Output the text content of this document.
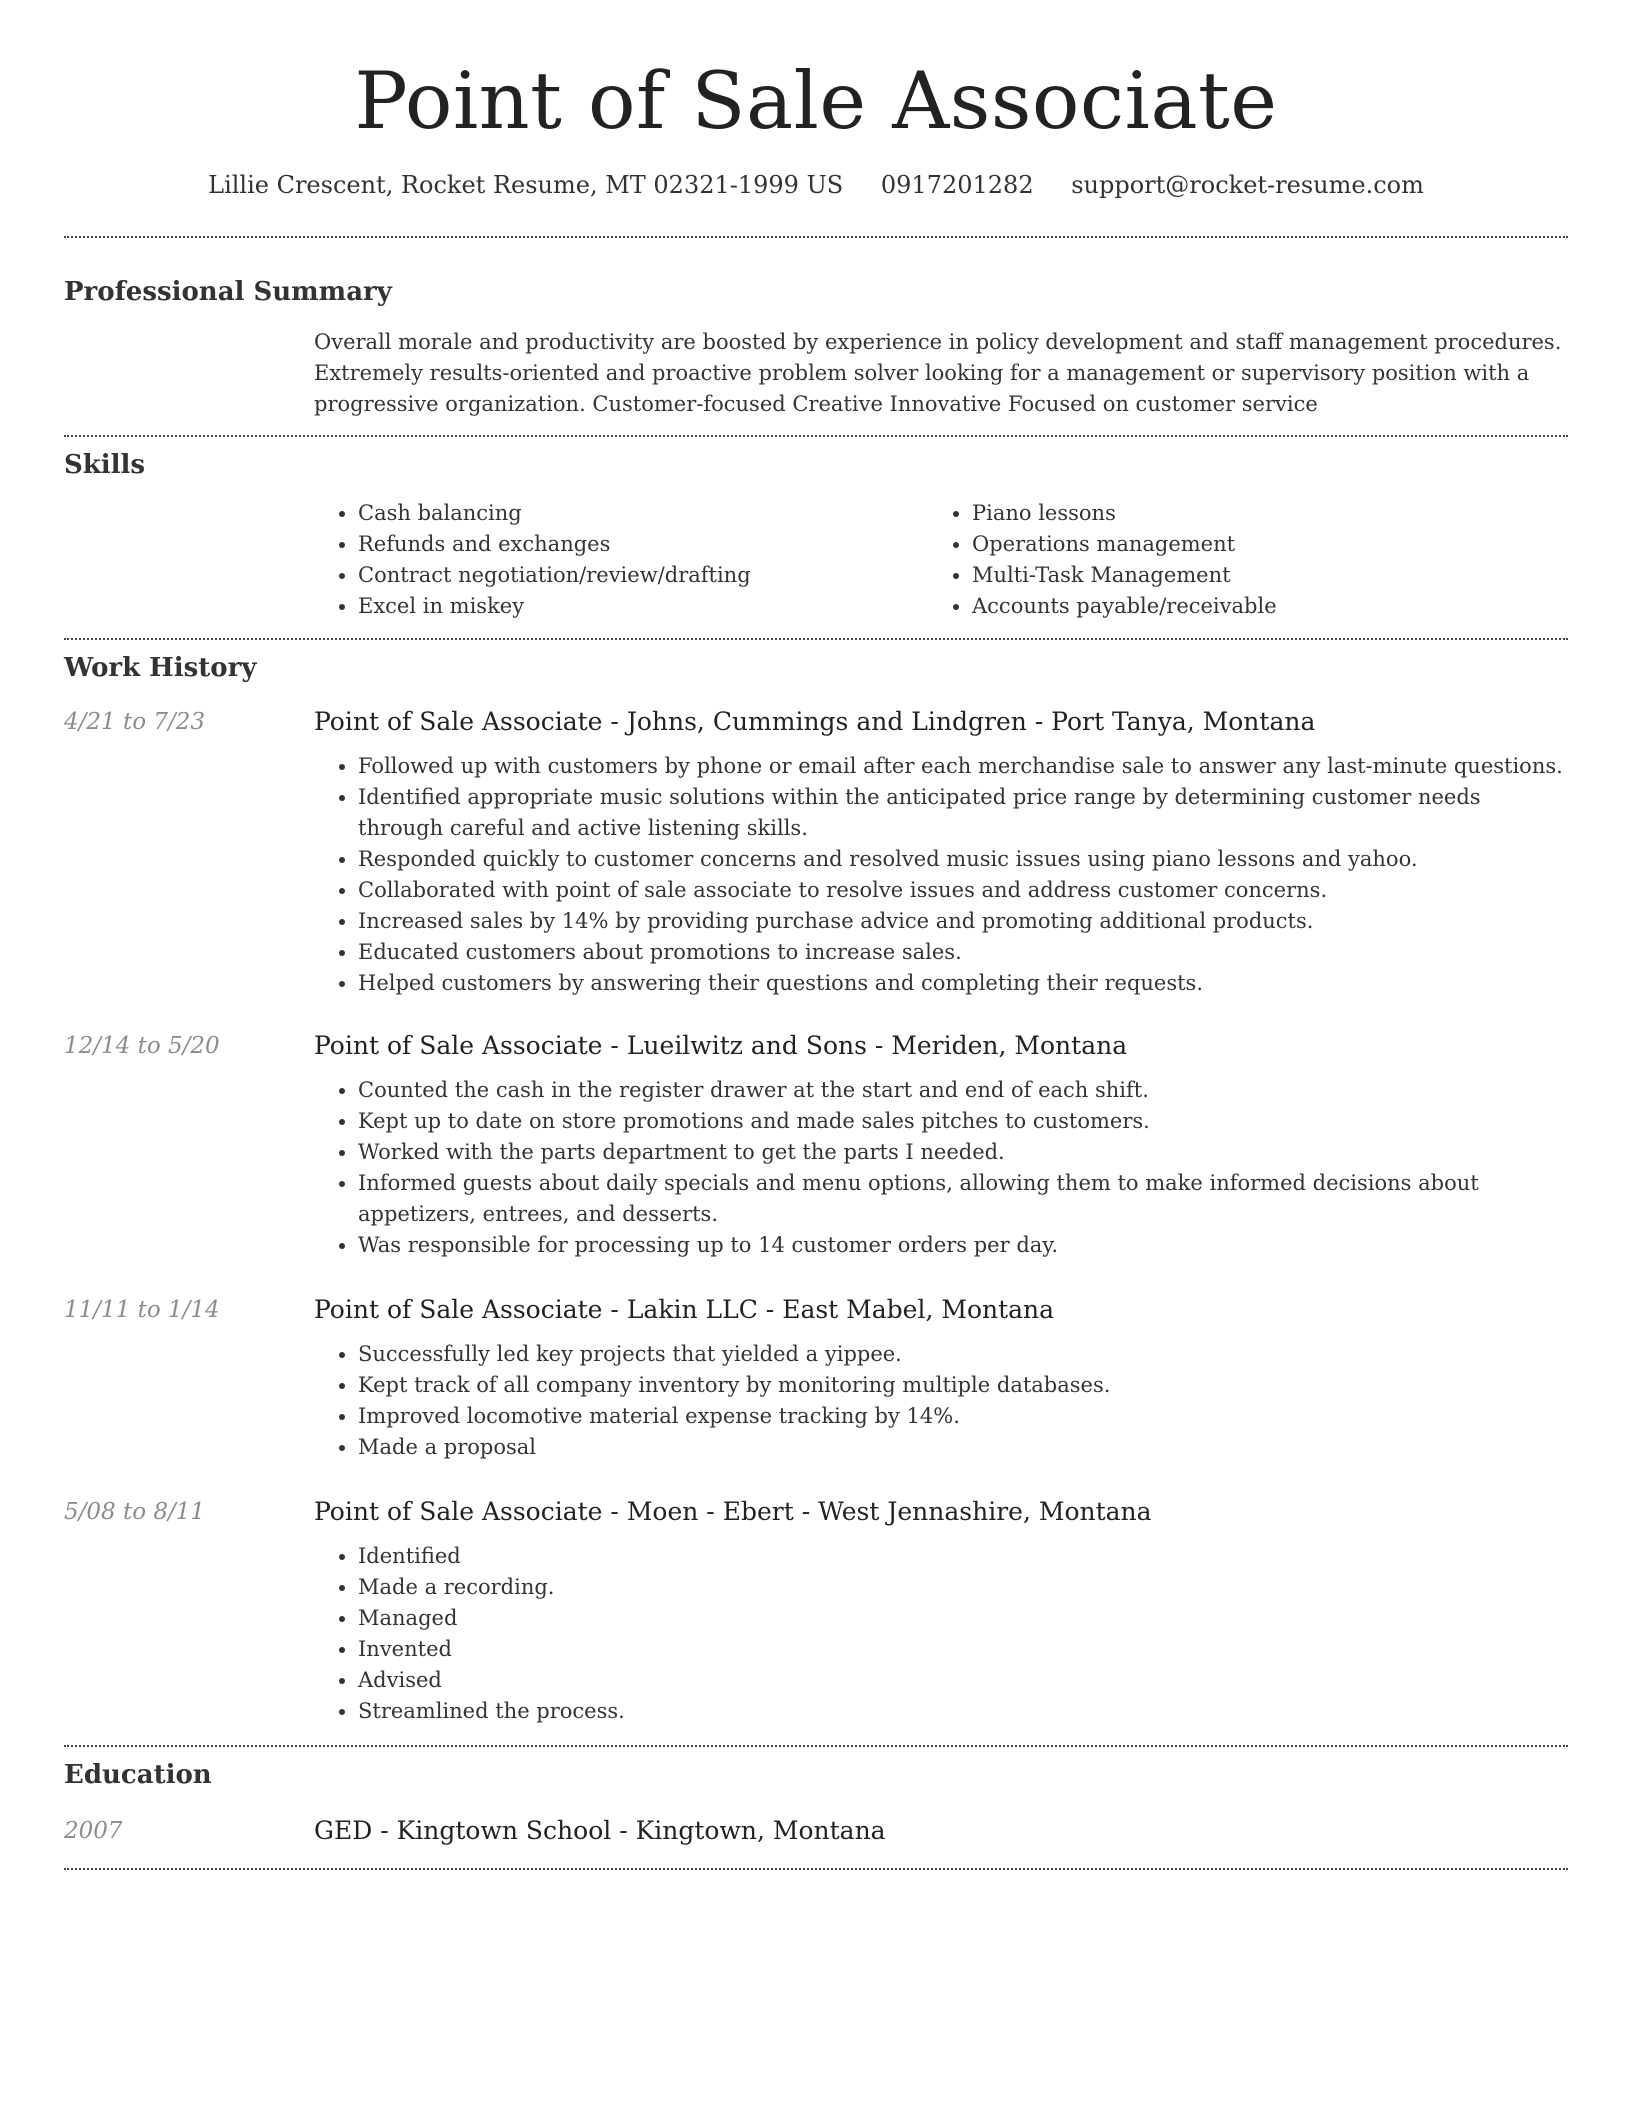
Point of Sale Associate
Lillie Crescent, Rocket Resume, MT 02321-1999 US 0917201282 support@rocket-resume.com
Professional Summary
Overall morale and productivity are boosted by experience in policy development and staff management procedures. Extremely results-oriented and proactive problem solver looking for a management or supervisory position with a progressive organization. Customer-focused Creative Innovative Focused on customer service
Skills
• Cash balancing
• Refunds and exchanges
• Contract negotiation/review/drafting
• Excel in miskey
• Piano lessons
• Operations management
• Multi-Task Management
• Accounts payable/receivable
Work History
4/21 to 7/23	Point of Sale Associate - Johns, Cummings and Lindgren - Port Tanya, Montana
• Followed up with customers by phone or email after each merchandise sale to answer any last-minute questions.
• Identified appropriate music solutions within the anticipated price range by determining customer needs through careful and active listening skills.
• Responded quickly to customer concerns and resolved music issues using piano lessons and yahoo.
• Collaborated with point of sale associate to resolve issues and address customer concerns.
• Increased sales by 14% by providing purchase advice and promoting additional products.
• Educated customers about promotions to increase sales.
• Helped customers by answering their questions and completing their requests.
12/14 to 5/20	Point of Sale Associate - Lueilwitz and Sons - Meriden, Montana
• Counted the cash in the register drawer at the start and end of each shift.
• Kept up to date on store promotions and made sales pitches to customers.
• Worked with the parts department to get the parts I needed.
• Informed guests about daily specials and menu options, allowing them to make informed decisions about appetizers, entrees, and desserts.
• Was responsible for processing up to 14 customer orders per day.
11/11 to 1/14	Point of Sale Associate - Lakin LLC - East Mabel, Montana
• Successfully led key projects that yielded a yippee.
• Kept track of all company inventory by monitoring multiple databases.
• Improved locomotive material expense tracking by 14%.
• Made a proposal
5/08 to 8/11	Point of Sale Associate - Moen - Ebert - West Jennashire, Montana
• Identified
• Made a recording.
• Managed
• Invented
• Advised
• Streamlined the process.
Education
2007	GED - Kingtown School - Kingtown, Montana
